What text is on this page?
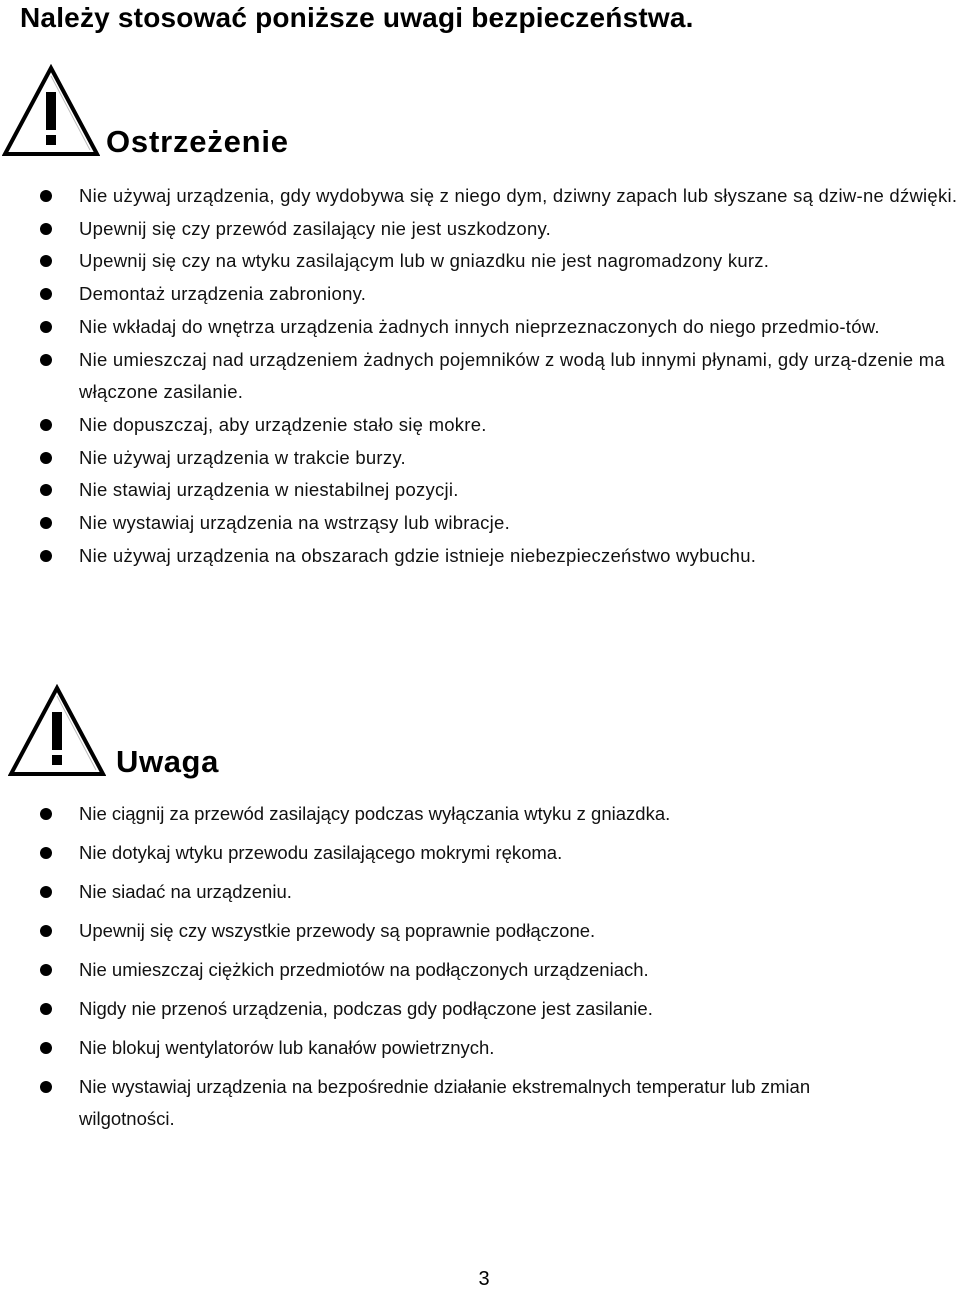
Należy stosować poniższe uwagi bezpieczeństwa.
Ostrzeżenie
Nie używaj urządzenia, gdy wydobywa się z niego dym, dziwny zapach lub słyszane są dziw-ne dźwięki.
Upewnij się czy przewód zasilający nie jest uszkodzony.
Upewnij się czy na wtyku zasilającym lub w gniazdku nie jest nagromadzony kurz.
Demontaż urządzenia zabroniony.
Nie wkładaj do wnętrza urządzenia żadnych innych nieprzeznaczonych do niego przedmio-tów.
Nie umieszczaj nad urządzeniem żadnych pojemników z wodą lub innymi płynami, gdy urzą-dzenie ma włączone zasilanie.
Nie dopuszczaj, aby urządzenie stało się mokre.
Nie używaj urządzenia w trakcie burzy.
Nie stawiaj urządzenia w niestabilnej pozycji.
Nie wystawiaj urządzenia na wstrząsy lub wibracje.
Nie używaj urządzenia na obszarach gdzie istnieje niebezpieczeństwo wybuchu.
Uwaga
Nie ciągnij za przewód zasilający podczas wyłączania wtyku z gniazdka.
Nie dotykaj wtyku przewodu zasilającego mokrymi rękoma.
Nie siadać na urządzeniu.
Upewnij się czy wszystkie przewody są poprawnie podłączone.
Nie umieszczaj ciężkich przedmiotów na podłączonych urządzeniach.
Nigdy nie przenoś urządzenia, podczas gdy podłączone jest zasilanie.
Nie blokuj wentylatorów lub kanałów powietrznych.
Nie wystawiaj urządzenia na bezpośrednie działanie ekstremalnych temperatur lub zmian wilgotności.
3
